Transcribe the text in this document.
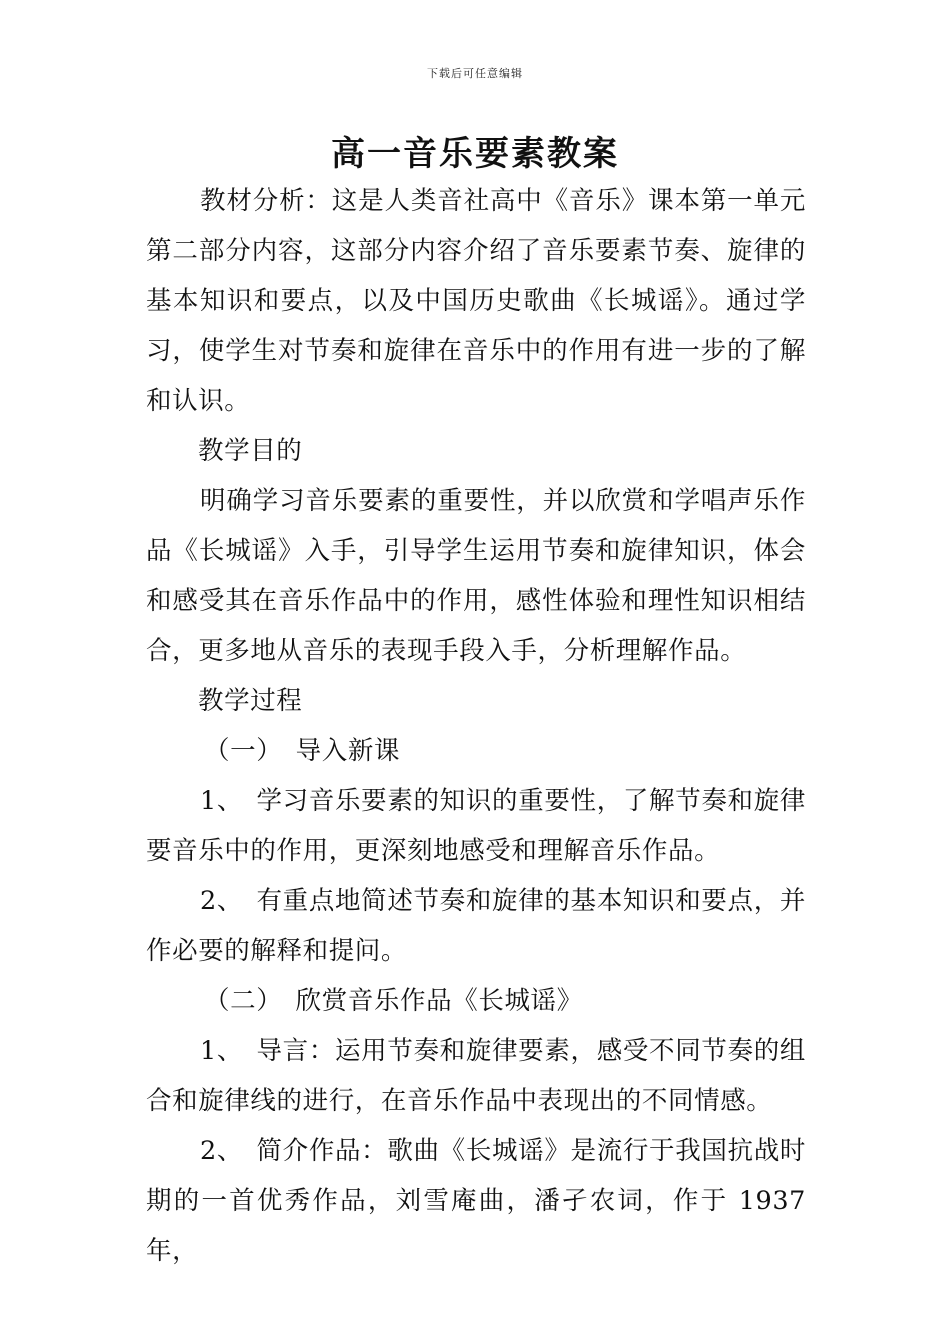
下载后可任意编辑
高一音乐要素教案

教材分析：这是人类音社高中《音乐》课本第一单元第二部分内容，这部分内容介绍了音乐要素节奏、旋律的基本知识和要点，以及中国历史歌曲《长城谣》。通过学习，使学生对节奏和旋律在音乐中的作用有进一步的了解和认识。

教学目的

明确学习音乐要素的重要性，并以欣赏和学唱声乐作品《长城谣》入手，引导学生运用节奏和旋律知识，体会和感受其在音乐作品中的作用，感性体验和理性知识相结合，更多地从音乐的表现手段入手，分析理解作品。

教学过程

（一）　导入新课

1、　学习音乐要素的知识的重要性，了解节奏和旋律要音乐中的作用，更深刻地感受和理解音乐作品。

2、　有重点地简述节奏和旋律的基本知识和要点，并作必要的解释和提问。

（二）　欣赏音乐作品《长城谣》

1、　导言：运用节奏和旋律要素，感受不同节奏的组合和旋律线的进行，在音乐作品中表现出的不同情感。

2、　简介作品：歌曲《长城谣》是流行于我国抗战时期的一首优秀作品，刘雪庵曲，潘孑农词，作于 1937 年，
